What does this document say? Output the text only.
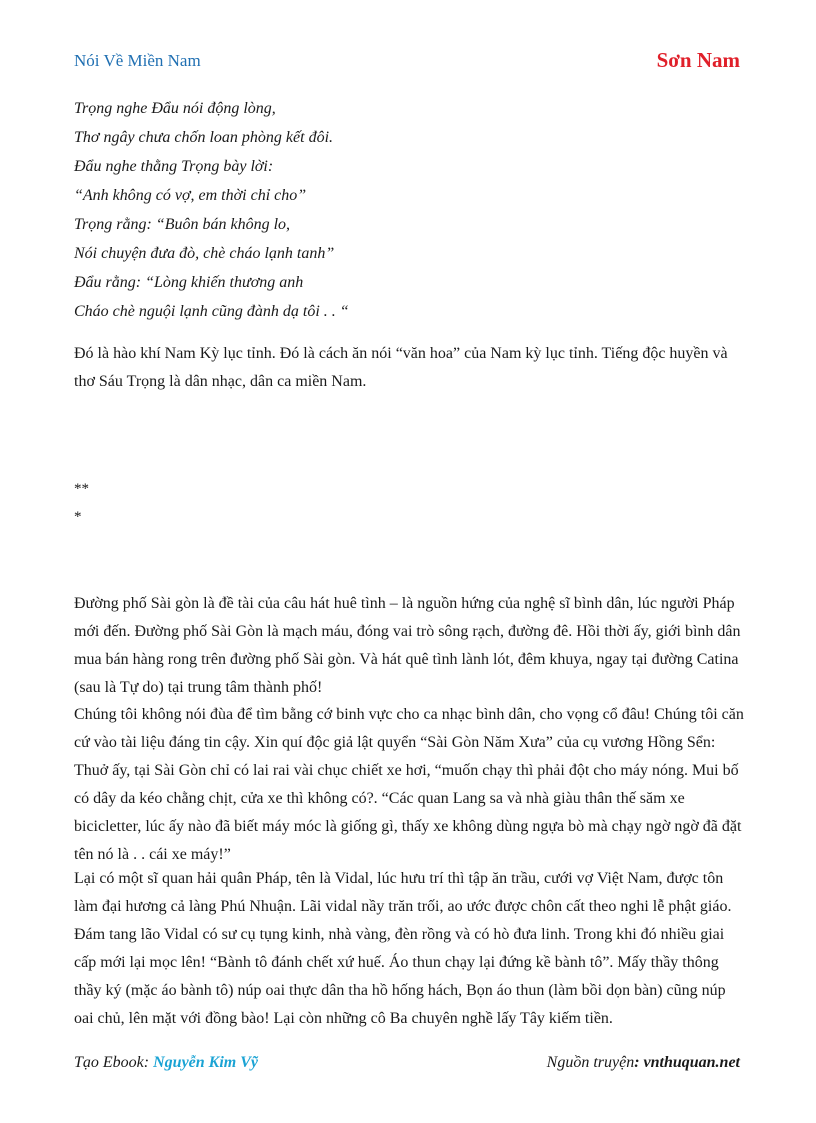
Nói Về Miền Nam	Sơn Nam
Trọng nghe Đẩu nói động lòng,
Thơ ngây chưa chốn loan phòng kết đôi.
Đẩu nghe thằng Trọng bày lời:
“Anh không có vợ, em thời chỉ cho”
Trọng rằng: “Buôn bán không lo,
Nói chuyện đưa đò, chè cháo lạnh tanh”
Đẩu rằng: “Lòng khiến thương anh
Cháo chè nguội lạnh cũng đành dạ tôi . . “

Đó là hào khí Nam Kỳ lục tỉnh. Đó là cách ăn nói “văn hoa” của Nam kỳ lục tỉnh. Tiếng độc huyền và thơ Sáu Trọng là dân nhạc, dân ca miền Nam.

**
*

Đường phố Sài gòn là đề tài của câu hát huê tình – là nguồn hứng của nghệ sĩ bình dân, lúc người Pháp mới đến. Đường phố Sài Gòn là mạch máu, đóng vai trò sông rạch, đường đê. Hồi thời ấy, giới bình dân mua bán hàng rong trên đường phố Sài gòn. Và hát quê tình lành lót, đêm khuya, ngay tại đường Catina (sau là Tự do) tại trung tâm thành phố!

Chúng tôi không nói đùa để tìm bằng cớ binh vực cho ca nhạc bình dân, cho vọng cổ đâu! Chúng tôi căn cứ vào tài liệu đáng tin cậy. Xin quí độc giả lật quyển “Sài Gòn Năm Xưa” của cụ vương Hồng Sển: Thuở ấy, tại Sài Gòn chỉ có lai rai vài chục chiết xe hơi, “muốn chạy thì phải đột cho máy nóng. Mui bố có dây da kéo chằng chịt, cửa xe thì không có?. “Các quan Lang sa và nhà giàu thân thế săm xe bicicletter, lúc ấy nào đã biết máy móc là giống gì, thấy xe không dùng ngựa bò mà chạy ngờ ngờ đã đặt tên nó là . . cái xe máy!”

Lại có một sĩ quan hải quân Pháp, tên là Vidal, lúc hưu trí thì tập ăn trầu, cưới vợ Việt Nam, được tôn làm đại hương cả làng Phú Nhuận. Lãi vidal nầy trăn trối, ao ước được chôn cất theo nghi lễ phật giáo. Đám tang lão Vidal có sư cụ tụng kinh, nhà vàng, đèn rồng và có hò đưa linh. Trong khi đó nhiều giai cấp mới lại mọc lên! “Bành tô đánh chết xứ huế. Áo thun chạy lại đứng kề bành tô”. Mấy thầy thông thầy ký (mặc áo bành tô) núp oai thực dân tha hồ hống hách, Bọn áo thun (làm bồi dọn bàn) cũng núp oai chủ, lên mặt với đồng bào! Lại còn những cô Ba chuyên nghề lấy Tây kiếm tiền.

Tạo Ebook: Nguyễn Kim Vỹ	Nguồn truyện: vnthuquan.net
